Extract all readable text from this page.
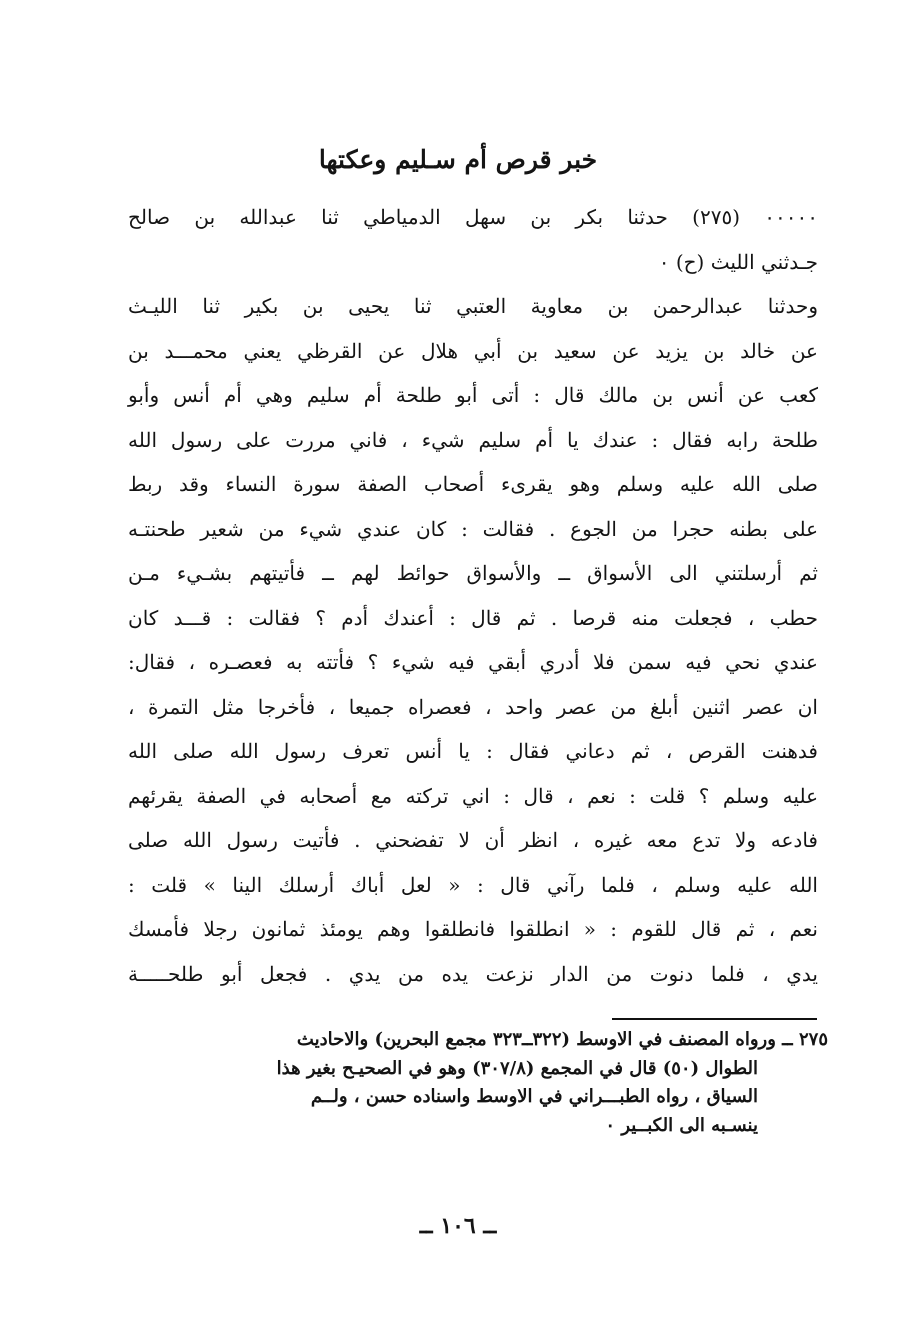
خبر قرص أم سـليم وعكتها
۰۰۰۰۰ (۲۷٥) حدثنا بكر بن سهل الدمياطي ثنا عبدالله بن صالح
جـدثني الليث (ح) ۰
وحدثنا عبدالرحمن بن معاوية العتبي ثنا يحيى بن بكير ثنا الليـث
عن خالد بن يزيد عن سعيد بن أبي هلال عن القرظي يعني محمـــد بن
كعب عن أنس بن مالك قال : أتى أبو طلحة أم سليم وهي أم أنس وأبو
طلحة رابه فقال : عندك يا أم سليم شيء ، فاني مررت على رسول الله
صلى الله عليه وسلم وهو يقرىء أصحاب الصفة سورة النساء وقد ربط
على بطنه حجرا من الجوع . فقالت : كان عندي شيء من شعير طحنتـه
ثم أرسلتني الى الأسواق ــ والأسواق حوائط لهم ــ فأتيتهم بشـيء مـن
حطب ، فجعلت منه قرصا . ثم قال : أعندك أدم ؟ فقالت : قـــد كان
عندي نحي فيه سمن فلا أدري أبقي فيه شيء ؟ فأتته به فعصـره ، فقال:
ان عصر اثنين أبلغ من عصر واحد ، فعصراه جميعا ، فأخرجا مثل التمرة ،
فدهنت القرص ، ثم دعاني فقال : يا أنس تعرف رسول الله صلى الله
عليه وسلم ؟ قلت : نعم ، قال : اني تركته مع أصحابه في الصفة يقرئهم
فادعه ولا تدع معه غيره ، انظر أن لا تفضحني . فأتيت رسول الله صلى
الله عليه وسلم ، فلما رآني قال : « لعل أباك أرسلك الينا » قلت :
نعم ، ثم قال للقوم : « انطلقوا فانطلقوا وهم يومئذ ثمانون رجلا فأمسك
يدي ، فلما دنوت من الدار نزعت يده من يدي . فجعل أبو طلحـــــة
۲۷٥ ــ ورواه المصنف في الاوسط (۳۲۲ــ۳۲۳ مجمع البحرين) والاحاديث
الطوال (٥۰) قال في المجمع (۳۰۷/۸) وهو في الصحيـح بغير هذا
السياق ، رواه الطبـــراني في الاوسط واسناده حسن ، ولــم
ينسـبه الى الكبــير ۰
ــ ۱۰٦ ــ
